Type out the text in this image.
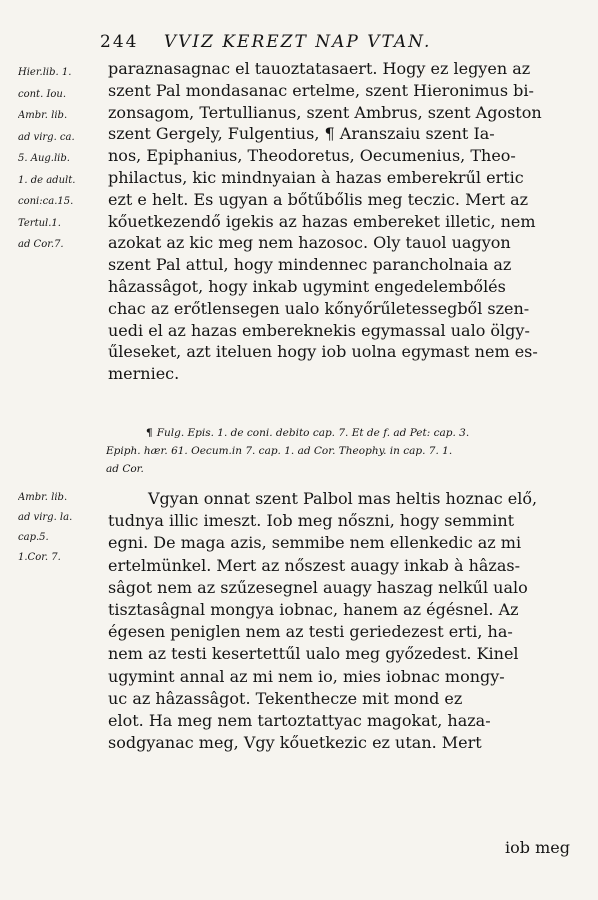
244 VVIZ KEREZT NAP VTAN.
Hier.lib. 1.
cont. Iou.
Ambr. lib.
ad virg. ca.
5. Aug.lib.
1. de adult.
coni:ca.15.
Tertul.1.
ad Cor.7.
paraznasagnac el tauoztatasaert. Hogy ez legyen az
szent Pal mondasanac ertelme, szent Hieronimus bi-
zonsagom, Tertullianus, szent Ambrus, szent Agoston
szent Gergely, Fulgentius, ¶ Aranszaiu szent Ia-
nos, Epiphanius, Theodoretus, Oecumenius, Theo-
philactus, kic mindnyaian à hazas emberekrűl ertic
ezt e helt. Es ugyan a bőtűbőlis meg teczic. Mert az
kőuetkezendő igekis az hazas embereket illetic, nem
azokat az kic meg nem hazosoc. Oly tauol uagyon
szent Pal attul, hogy mindennec parancholnaia az
hâzassâgot, hogy inkab ugymint engedelembőlés
chac az erőtlensegen ualo kőnyőrűletessegből szen-
uedi el az hazas embereknekis egymassal ualo ölgy-
űleseket, azt iteluen hogy iob uolna egymast nem es-
merniec.
¶ Fulg. Epis. 1. de coni. debito cap. 7. Et de f. ad Pet: cap. 3.
Epiph. hær. 61. Oecum.in 7. cap. 1. ad Cor. Theophy. in cap. 7. 1.
ad Cor.
Ambr. lib.
ad virg. la.
cap.5.
1.Cor. 7.
Vgyan onnat szent Palbol mas heltis hoznac elő,
tudnya illic imeszt. Iob meg nőszni, hogy semmint
egni. De maga azis, semmibe nem ellenkedic az mi
ertelmünkel. Mert az nőszest auagy inkab à hâzas-
sâgot nem az szűzesegnel auagy haszag nelkűl ualo
tisztasâgnal mongya iobnac, hanem az égésnel. Az
égesen peniglen nem az testi geriedezest erti, ha-
nem az testi kesertettűl ualo meg győzedest. Kinel
ugymint annal az mi nem io, mies iobnac mongy-
uc az hâzassâgot. Tekenthecze mit mond ez
elot. Ha meg nem tartoztattyac magokat, haza-
sodgyanac meg, Vgy kőuetkezic ez utan. Mert
iob meg
